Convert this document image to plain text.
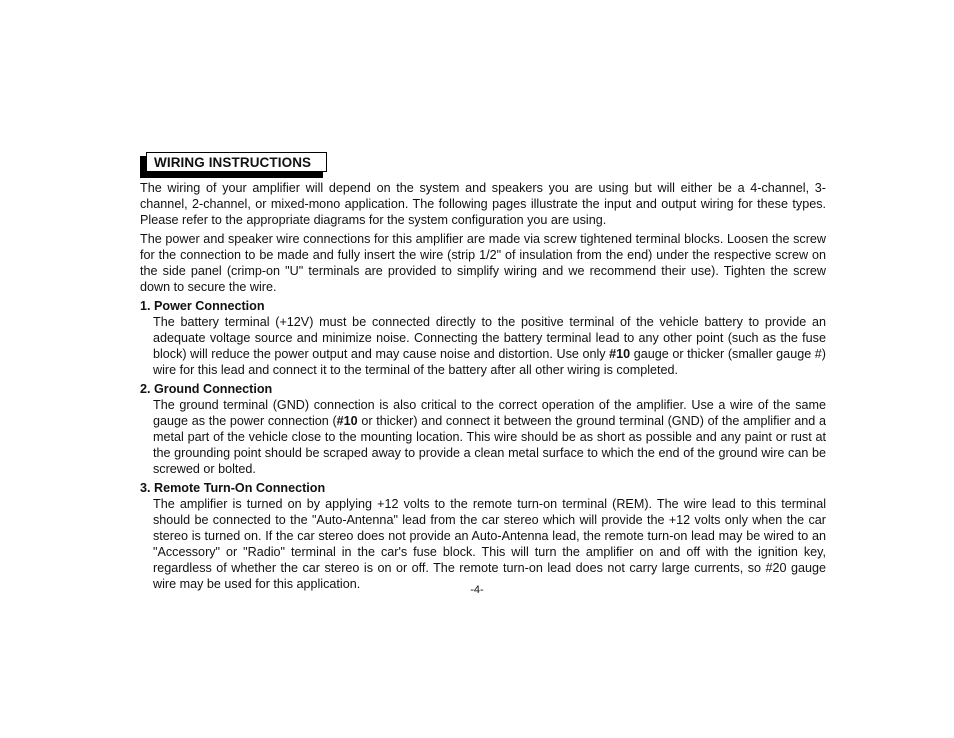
WIRING INSTRUCTIONS

The wiring of your amplifier will depend on the system and speakers you are using but will either be a 4-channel, 3-channel, 2-channel, or mixed-mono application. The following pages illustrate the input and output wiring for these types. Please refer to the appropriate diagrams for the system configuration you are using.

The power and speaker wire connections for this amplifier are made via screw tightened terminal blocks. Loosen the screw for the connection to be made and fully insert the wire (strip 1/2" of insulation from the end) under the respective screw on the side panel (crimp-on "U" terminals are provided to simplify wiring and we recommend their use). Tighten the screw down to secure the wire.

1. Power Connection

The battery terminal (+12V) must be connected directly to the positive terminal of the vehicle battery to provide an adequate voltage source and minimize noise. Connecting the battery terminal lead to any other point (such as the fuse block) will reduce the power output and may cause noise and distortion. Use only #10 gauge or thicker (smaller gauge #) wire for this lead and connect it to the terminal of the battery after all other wiring is completed.

2. Ground Connection

The ground terminal (GND) connection is also critical to the correct operation of the amplifier. Use a wire of the same gauge as the power connection (#10 or thicker) and connect it between the ground terminal (GND) of the amplifier and a metal part of the vehicle close to the mounting location. This wire should be as short as possible and any paint or rust at the grounding point should be scraped away to provide a clean metal surface to which the end of the ground wire can be screwed or bolted.

3. Remote Turn-On Connection

The amplifier is turned on by applying +12 volts to the remote turn-on terminal (REM). The wire lead to this terminal should be connected to the "Auto-Antenna" lead from the car stereo which will provide the +12 volts only when the car stereo is turned on. If the car stereo does not provide an Auto-Antenna lead, the remote turn-on lead may be wired to an "Accessory" or "Radio" terminal in the car's fuse block. This will turn the amplifier on and off with the ignition key, regardless of whether the car stereo is on or off. The remote turn-on lead does not carry large currents, so #20 gauge wire may be used for this application.	-4-
